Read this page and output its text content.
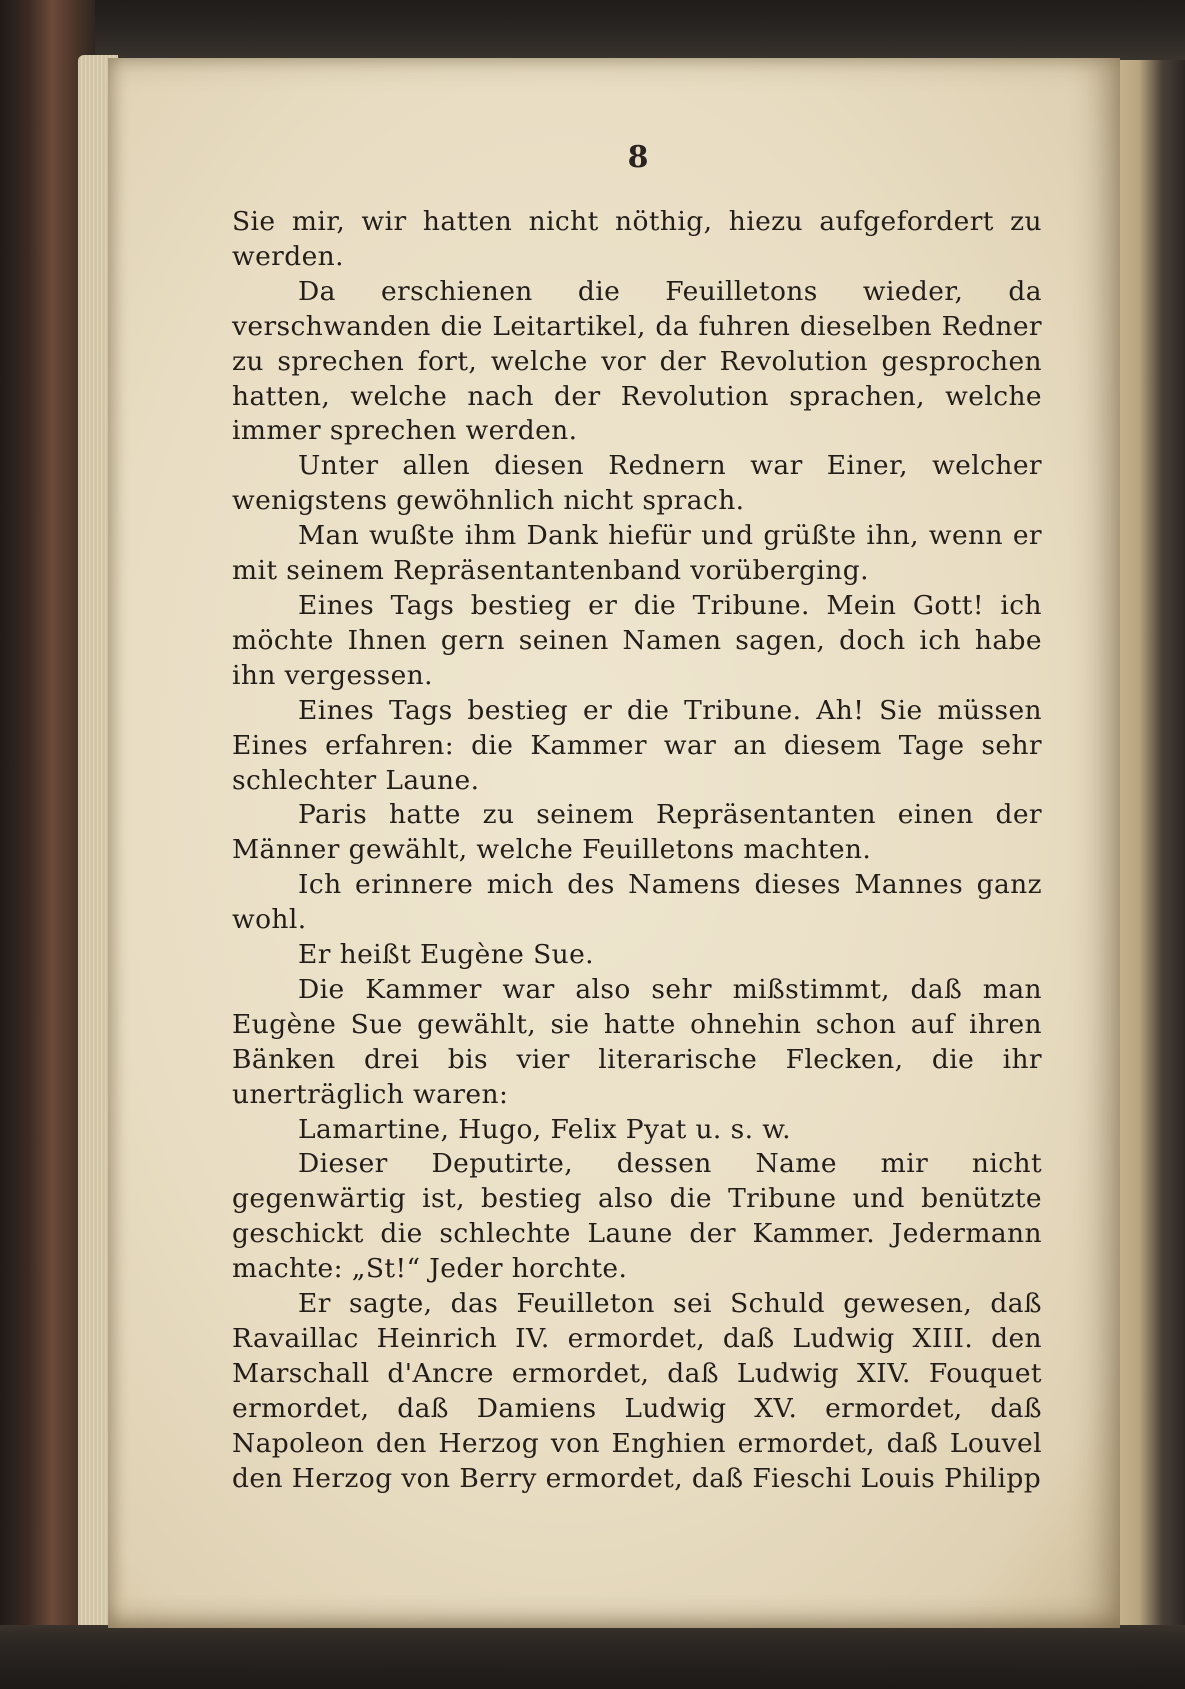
8

Sie mir, wir hatten nicht nöthig, hiezu aufgefordert zu werden.

Da erschienen die Feuilletons wieder, da verschwanden die Leitartikel, da fuhren dieselben Redner zu sprechen fort, welche vor der Revolution gesprochen hatten, welche nach der Revolution sprachen, welche immer sprechen werden.

Unter allen diesen Rednern war Einer, welcher wenigstens gewöhnlich nicht sprach.

Man wußte ihm Dank hiefür und grüßte ihn, wenn er mit seinem Repräsentantenband vorüberging.

Eines Tags bestieg er die Tribune. Mein Gott! ich möchte Ihnen gern seinen Namen sagen, doch ich habe ihn vergessen.

Eines Tags bestieg er die Tribune. Ah! Sie müssen Eines erfahren: die Kammer war an diesem Tage sehr schlechter Laune.

Paris hatte zu seinem Repräsentanten einen der Männer gewählt, welche Feuilletons machten.

Ich erinnere mich des Namens dieses Mannes ganz wohl.

Er heißt Eugène Sue.

Die Kammer war also sehr mißstimmt, daß man Eugène Sue gewählt, sie hatte ohnehin schon auf ihren Bänken drei bis vier literarische Flecken, die ihr unerträglich waren:

Lamartine, Hugo, Felix Pyat u. s. w.

Dieser Deputirte, dessen Name mir nicht gegenwärtig ist, bestieg also die Tribune und benützte geschickt die schlechte Laune der Kammer. Jedermann machte: „St!“ Jeder horchte.

Er sagte, das Feuilleton sei Schuld gewesen, daß Ravaillac Heinrich IV. ermordet, daß Ludwig XIII. den Marschall d'Ancre ermordet, daß Ludwig XIV. Fouquet ermordet, daß Damiens Ludwig XV. ermordet, daß Napoleon den Herzog von Enghien ermordet, daß Louvel den Herzog von Berry ermordet, daß Fieschi Louis Philipp
